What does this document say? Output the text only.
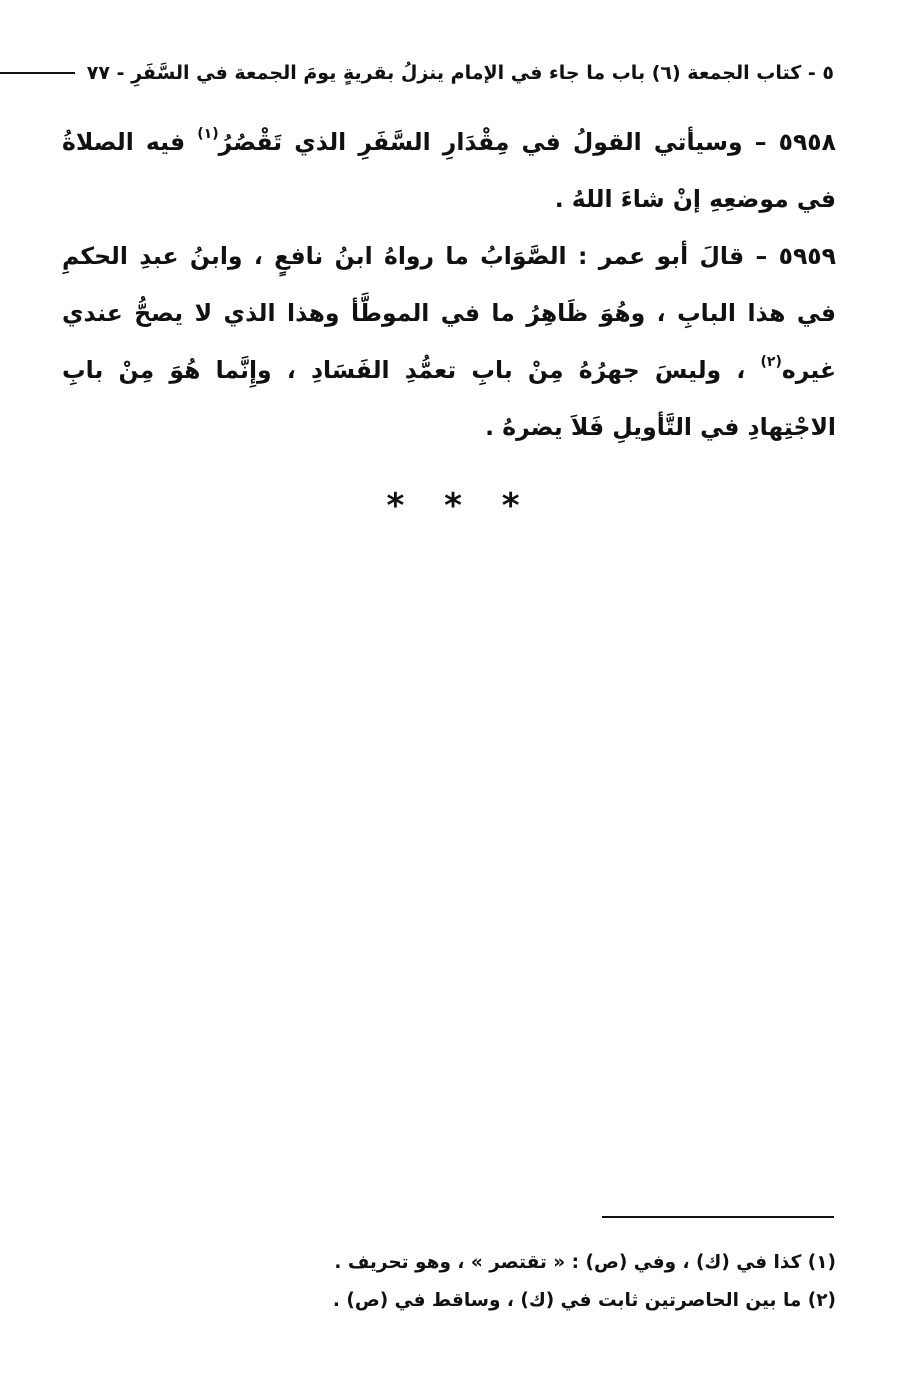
٥ - كتاب الجمعة (٦) باب ما جاء في الإمام ينزلُ بقريةٍ يومَ الجمعة في السَّفَرِ - ٧٧

٥٩٥٨ – وسيأتي القولُ في مِقْدَارِ السَّفَرِ الذي تَقْصُرُ$^{(١)}$ فيه الصلاةُ في موضعِهِ إنْ شاءَ اللهُ .

٥٩٥٩ – قالَ أبو عمر : الصَّوَابُ ما رواهُ ابنُ نافعٍ ، وابنُ عبدِ الحكمِ في هذا البابِ ، وهُوَ ظَاهِرُ ما في الموطَّأ وهذا الذي لا يصحُّ عندي غيره$^{(٢)}$ ، وليسَ جهرُهُ مِنْ بابِ تعمُّدِ الفَسَادِ ، وإِنَّما هُوَ مِنْ بابِ الاجْتِهادِ في التَّأويلِ فَلاَ يضرهُ .

* * *

(١) كذا في (ك) ، وفي (ص) : « تقتصر » ، وهو تحريف .

(٢) ما بين الحاصرتين ثابت في (ك) ، وساقط في (ص) .
